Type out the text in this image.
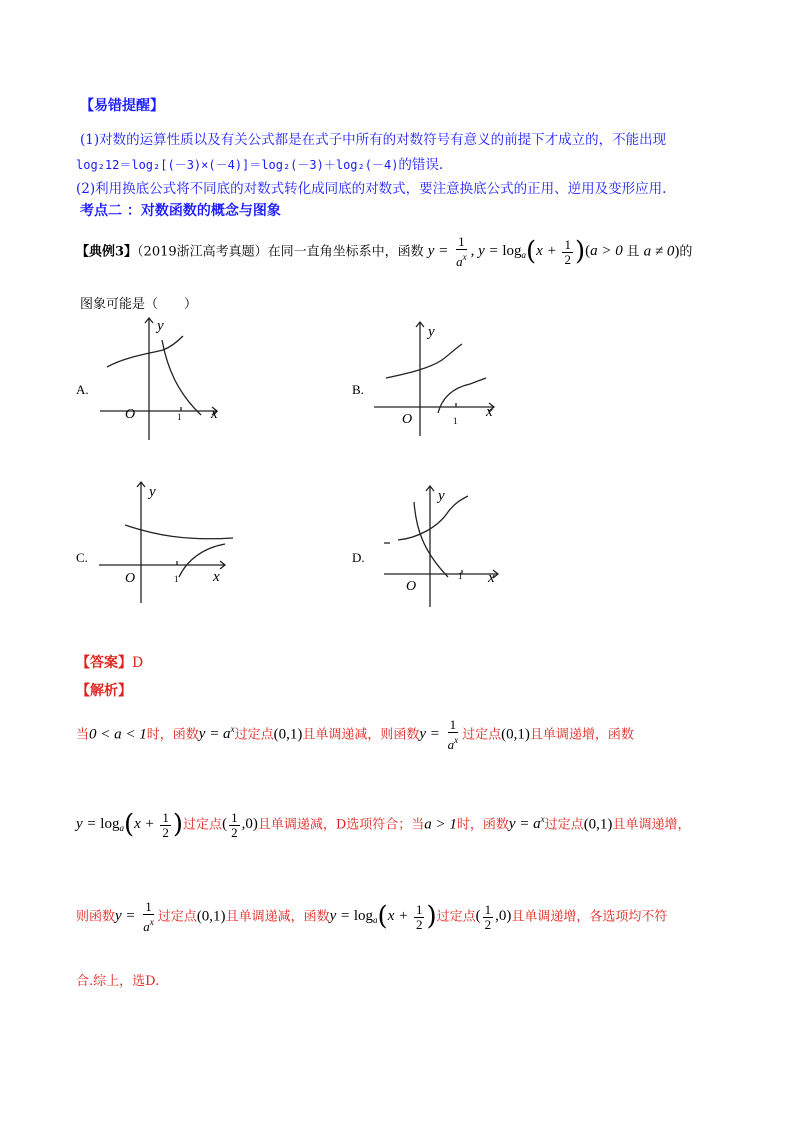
【易错提醒】
(1)对数的运算性质以及有关公式都是在式子中所有的对数符号有意义的前提下才成立的，不能出现
log₂12＝log₂[(－3)×(－4)]＝log₂(－3)＋log₂(－4)的错误.
(2)利用换底公式将不同底的对数式转化成同底的对数式，要注意换底公式的正用、逆用及变形应用.
考点二 ：对数函数的概念与图象
【典例3】（2019浙江高考真题）在同一直角坐标系中，函数 $y = \frac{1}{a^x}$ , $y = \log_a(x + \frac{1}{2} )(a > 0$ 且 a ≠ 0)的
图象可能是（　　）
A.
y
x
O	1
B.
y
x
O	1
C.
y
x
O	1
D.
y
x
O
1
【答案】D
【解析】
当0 < a < 1时，函数$y = a^x$过定点(0,1)且单调递减，则函数$y = \frac{1}{a^x}$ 过定点(0,1)且单调递增，函数
$y = \log_a(x + \frac{1}{2}$ )过定点( $\frac{1}{2} ,0$)且单调递减，D选项符合；当a > 1时，函数$y = a^x$过定点(0,1)且单调递增，
则函数$y = \frac{1}{a^x}$ 过定点(0,1)且单调递减，函数$y = \log_a(x + \frac{1}{2}$ )过定点( $\frac{1}{2} ,0$)且单调递增，各选项均不符
合.综上，选D.
